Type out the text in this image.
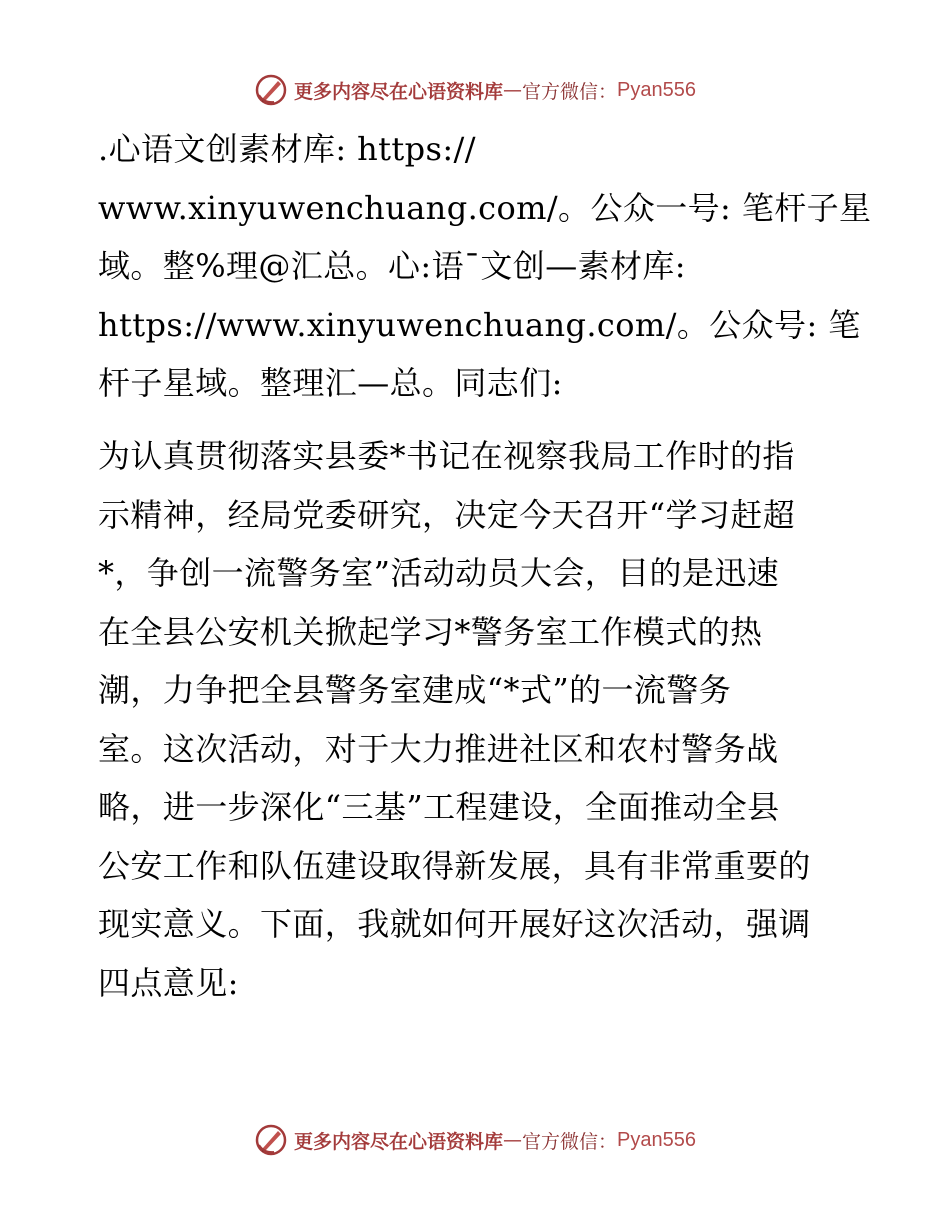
更多内容尽在心语资料库 — 官方微信： Pyan556
.心语文创素材库: https://
www.xinyuwenchuang.com/。公众一号: 笔杆子星
域。整%理@汇总。心:语¯文创—素材库:
https://www.xinyuwenchuang.com/。公众号: 笔
杆子星域。整理汇—总。同志们:
为认真贯彻落实县委*书记在视察我局工作时的指
示精神，经局党委研究，决定今天召开“学习赶超
*，争创一流警务室”活动动员大会，目的是迅速
在全县公安机关掀起学习*警务室工作模式的热
潮，力争把全县警务室建成“*式”的一流警务
室。这次活动，对于大力推进社区和农村警务战
略，进一步深化“三基”工程建设，全面推动全县
公安工作和队伍建设取得新发展，具有非常重要的
现实意义。下面，我就如何开展好这次活动，强调
四点意见:
更多内容尽在心语资料库 — 官方微信： Pyan556
